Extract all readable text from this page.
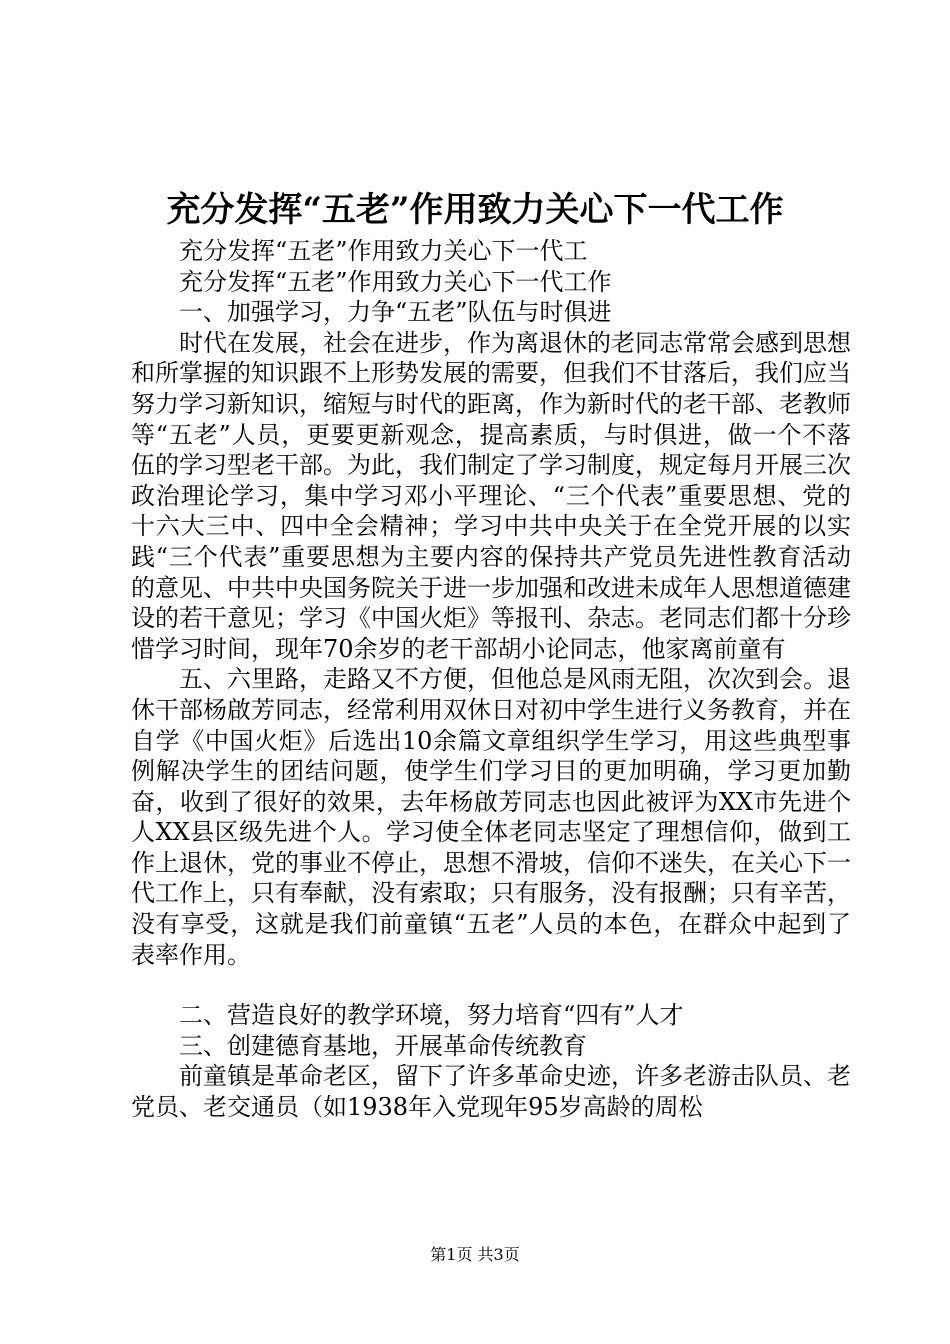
充分发挥“五老”作用致力关心下一代工作

充分发挥“五老”作用致力关心下一代工

充分发挥“五老”作用致力关心下一代工作

一、加强学习，力争“五老”队伍与时俱进

时代在发展，社会在进步，作为离退休的老同志常常会感到思想和所掌握的知识跟不上形势发展的需要，但我们不甘落后，我们应当努力学习新知识，缩短与时代的距离，作为新时代的老干部、老教师等“五老”人员，更要更新观念，提高素质，与时俱进，做一个不落伍的学习型老干部。为此，我们制定了学习制度，规定每月开展三次政治理论学习，集中学习邓小平理论、“三个代表”重要思想、党的十六大三中、四中全会精神；学习中共中央关于在全党开展的以实践“三个代表”重要思想为主要内容的保持共产党员先进性教育活动的意见、中共中央国务院关于进一步加强和改进未成年人思想道德建设的若干意见；学习《中国火炬》等报刊、杂志。老同志们都十分珍惜学习时间，现年70余岁的老干部胡小论同志，他家离前童有

五、六里路，走路又不方便，但他总是风雨无阻，次次到会。退休干部杨啟芳同志，经常利用双休日对初中学生进行义务教育，并在自学《中国火炬》后选出10余篇文章组织学生学习，用这些典型事例解决学生的团结问题，使学生们学习目的更加明确，学习更加勤奋，收到了很好的效果，去年杨啟芳同志也因此被评为XX市先进个人XX县区级先进个人。学习使全体老同志坚定了理想信仰，做到工作上退休，党的事业不停止，思想不滑坡，信仰不迷失，在关心下一代工作上，只有奉献，没有索取；只有服务，没有报酬；只有辛苦，没有享受，这就是我们前童镇“五老”人员的本色，在群众中起到了表率作用。

二、营造良好的教学环境，努力培育“四有”人才

三、创建德育基地，开展革命传统教育

前童镇是革命老区，留下了许多革命史迹，许多老游击队员、老党员、老交通员（如1938年入党现年95岁高龄的周松

第1页 共3页
